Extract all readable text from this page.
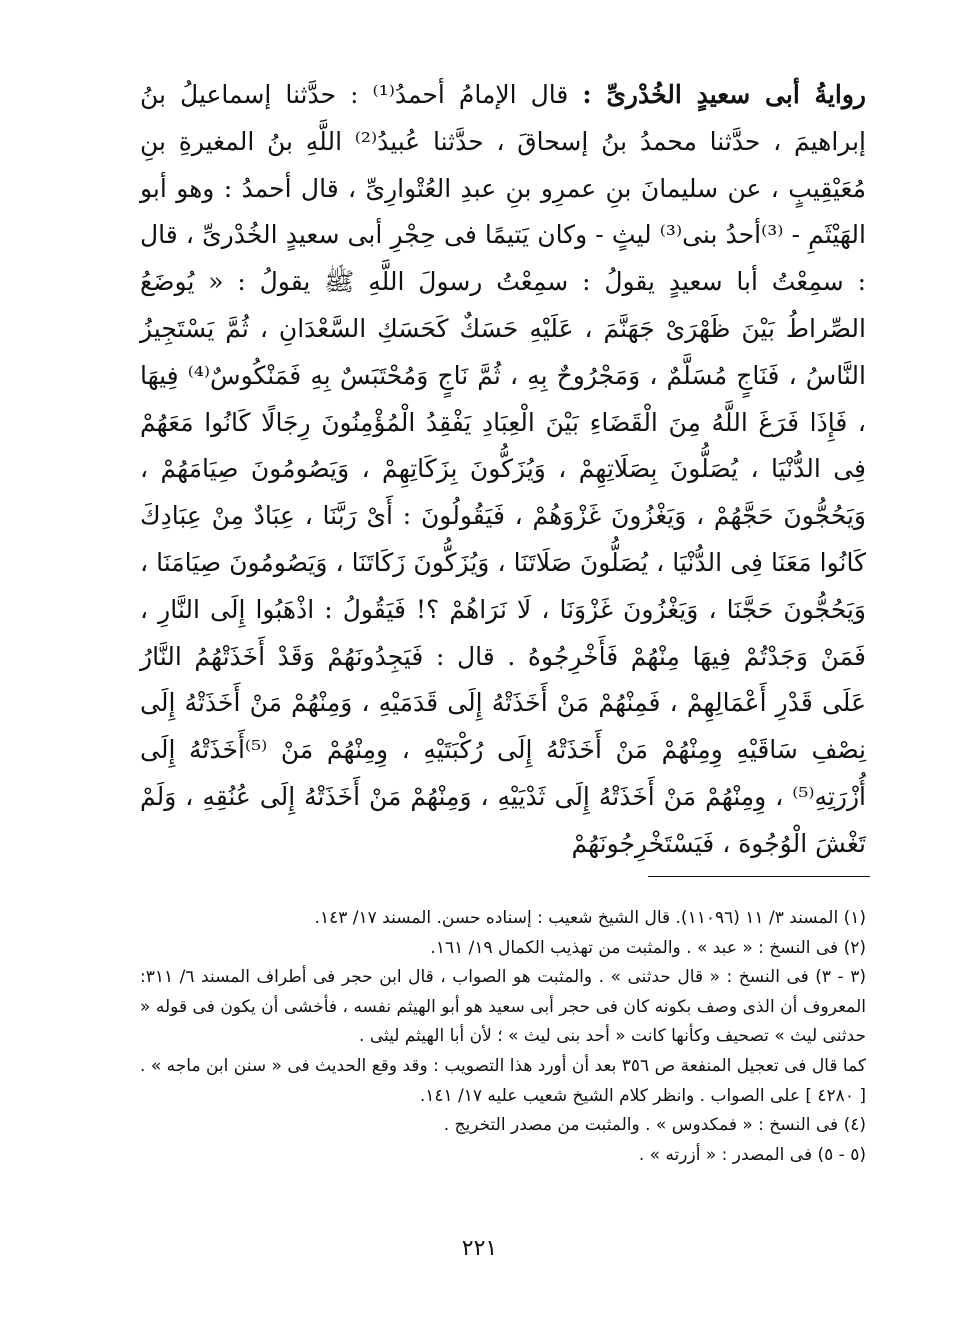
روايةُ أبى سعيدٍ الخُدْرىِّ : قال الإمامُ أحمدُ⁽¹⁾ : حدَّثنا إسماعيلُ بنُ إبراهيمَ ، حدَّثنا محمدُ بنُ إسحاقَ ، حدَّثنا عُبيدُ⁽²⁾ اللَّهِ بنُ المغيرةِ بنِ مُعَيْقِيبٍ ، عن سليمانَ بنِ عمرِو بنِ عبدِ العُتْوارِىِّ ، قال أحمدُ : وهو أبو الهَيْثَمِ - ⁽³⁾أحدُ بنى⁽³⁾ ليثٍ - وكان يَتيمًا فى حِجْرِ أبى سعيدٍ الخُدْرىِّ ، قال : سمِعْتُ أبا سعيدٍ يقولُ : سمِعْتُ رسولَ اللَّهِ ﷺ يقولُ : « يُوضَعُ الصِّراطُ بَيْنَ ظَهْرَىْ جَهَنَّمَ ، عَلَيْهِ حَسَكٌ كَحَسَكِ السَّعْدَانِ ، ثُمَّ يَسْتَجِيزُ النَّاسُ ، فَنَاجٍ مُسَلَّمٌ ، وَمَجْرُوحٌ بِهِ ، ثُمَّ نَاجٍ وَمُحْتَبَسٌ بِهِ فَمَنْكُوسٌ⁽⁴⁾ فِيهَا ، فَإِذَا فَرَغَ اللَّهُ مِنَ الْقَضَاءِ بَيْنَ الْعِبَادِ يَفْقِدُ الْمُؤْمِنُونَ رِجَالًا كَانُوا مَعَهُمْ فِى الدُّنْيَا ، يُصَلُّونَ بِصَلَاتِهِمْ ، وَيُزَكُّونَ بِزَكَاتِهِمْ ، وَيَصُومُونَ صِيَامَهُمْ ، وَيَحُجُّونَ حَجَّهُمْ ، وَيَغْزُونَ غَزْوَهُمْ ، فَيَقُولُونَ : أَىْ رَبَّنَا ، عِبَادٌ مِنْ عِبَادِكَ كَانُوا مَعَنَا فِى الدُّنْيَا ، يُصَلُّونَ صَلَاتَنَا ، وَيُزَكُّونَ زَكَاتَنَا ، وَيَصُومُونَ صِيَامَنَا ، وَيَحُجُّونَ حَجَّنَا ، وَيَغْزُونَ غَزْوَنَا ، لَا نَرَاهُمْ ؟! فَيَقُولُ : اذْهَبُوا إِلَى النَّارِ ، فَمَنْ وَجَدْتُمْ فِيهَا مِنْهُمْ فَأَخْرِجُوهُ . قال : فَيَجِدُونَهُمْ وَقَدْ أَخَذَتْهُمُ النَّارُ عَلَى قَدْرِ أَعْمَالِهِمْ ، فَمِنْهُمْ مَنْ أَخَذَتْهُ إِلَى قَدَمَيْهِ ، وَمِنْهُمْ مَنْ أَخَذَتْهُ إِلَى نِصْفِ سَاقَيْهِ وِمِنْهُمْ مَنْ أَخَذَتْهُ إِلَى رُكْبَتَيْهِ ، وِمِنْهُمْ مَنْ ⁽⁵⁾أَخَذَتْهُ إِلَى أُزْرَتِهِ⁽⁵⁾ ، وِمِنْهُمْ مَنْ أَخَذَتْهُ إِلَى ثَدْيَيْهِ ، وَمِنْهُمْ مَنْ أَخَذَتْهُ إِلَى عُنُقِهِ ، وَلَمْ تَغْشَ الْوُجُوهَ ، فَيَسْتَخْرِجُونَهُمْ

(١) المسند ٣/ ١١ (١١٠٩٦). قال الشيخ شعيب : إسناده حسن. المسند ١٧/ ١٤٣.

(٢) فى النسخ : « عبد » . والمثبت من تهذيب الكمال ١٩/ ١٦١.

(٣ - ٣) فى النسخ : « قال حدثنى » . والمثبت هو الصواب ، قال ابن حجر فى أطراف المسند ٦/ ٣١١: المعروف أن الذى وصف بكونه كان فى حجر أبى سعيد هو أبو الهيثم نفسه ، فأخشى أن يكون فى قوله « حدثنى ليث » تصحيف وكأنها كانت « أحد بنى ليث » ؛ لأن أبا الهيثم ليثى .

كما قال فى تعجيل المنفعة ص ٣٥٦ بعد أن أورد هذا التصويب : وقد وقع الحديث فى « سنن ابن ماجه » . [ ٤٢٨٠ ] على الصواب . وانظر كلام الشيخ شعيب عليه ١٧/ ١٤١.

(٤) فى النسخ : « فمكدوس » . والمثبت من مصدر التخريج .

(٥ - ٥) فى المصدر : « أزرته » .

٢٢١
